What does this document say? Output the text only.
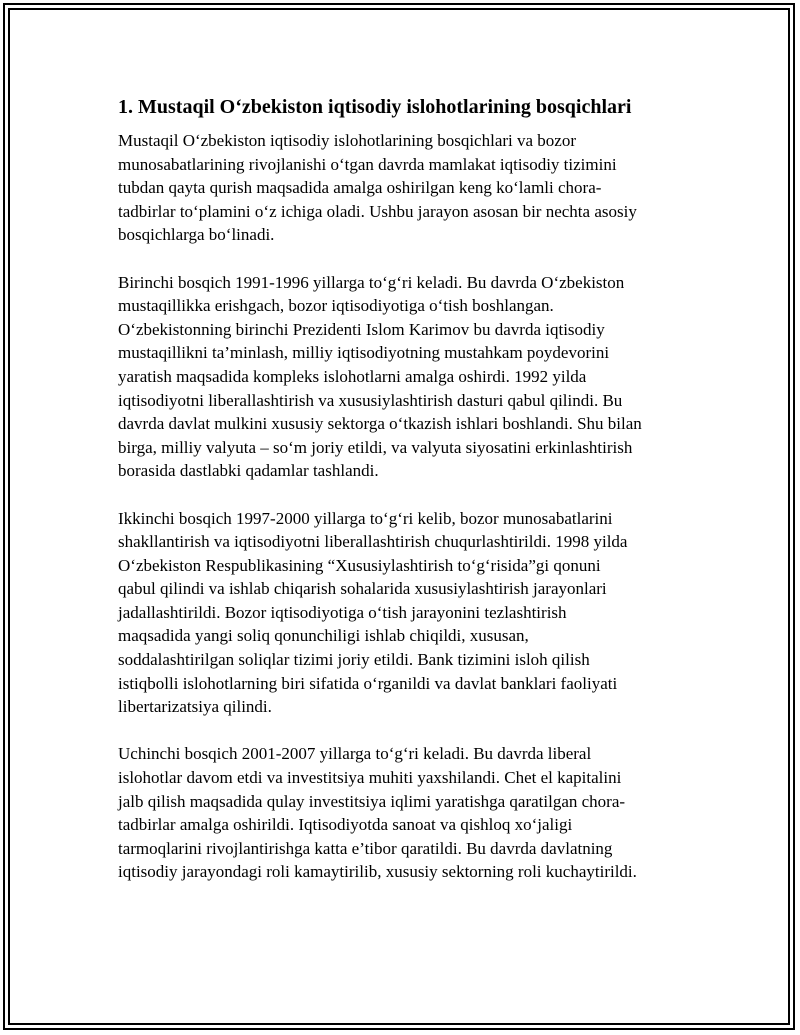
1. Mustaqil O‘zbekiston iqtisodiy islohotlarining bosqichlari

Mustaqil O‘zbekiston iqtisodiy islohotlarining bosqichlari va bozor
munosabatlarining rivojlanishi o‘tgan davrda mamlakat iqtisodiy tizimini
tubdan qayta qurish maqsadida amalga oshirilgan keng ko‘lamli chora-
tadbirlar to‘plamini o‘z ichiga oladi. Ushbu jarayon asosan bir nechta asosiy
bosqichlarga bo‘linadi.

Birinchi bosqich 1991-1996 yillarga to‘g‘ri keladi. Bu davrda O‘zbekiston
mustaqillikka erishgach, bozor iqtisodiyotiga o‘tish boshlangan.
O‘zbekistonning birinchi Prezidenti Islom Karimov bu davrda iqtisodiy
mustaqillikni ta’minlash, milliy iqtisodiyotning mustahkam poydevorini
yaratish maqsadida kompleks islohotlarni amalga oshirdi. 1992 yilda
iqtisodiyotni liberallashtirish va xususiylashtirish dasturi qabul qilindi. Bu
davrda davlat mulkini xususiy sektorga o‘tkazish ishlari boshlandi. Shu bilan
birga, milliy valyuta – so‘m joriy etildi, va valyuta siyosatini erkinlashtirish
borasida dastlabki qadamlar tashlandi.

Ikkinchi bosqich 1997-2000 yillarga to‘g‘ri kelib, bozor munosabatlarini
shakllantirish va iqtisodiyotni liberallashtirish chuqurlashtirildi. 1998 yilda
O‘zbekiston Respublikasining “Xususiylashtirish to‘g‘risida”gi qonuni
qabul qilindi va ishlab chiqarish sohalarida xususiylashtirish jarayonlari
jadallashtirildi. Bozor iqtisodiyotiga o‘tish jarayonini tezlashtirish
maqsadida yangi soliq qonunchiligi ishlab chiqildi, xususan,
soddalashtirilgan soliqlar tizimi joriy etildi. Bank tizimini isloh qilish
istiqbolli islohotlarning biri sifatida o‘rganildi va davlat banklari faoliyati
libertarizatsiya qilindi.

Uchinchi bosqich 2001-2007 yillarga to‘g‘ri keladi. Bu davrda liberal
islohotlar davom etdi va investitsiya muhiti yaxshilandi. Chet el kapitalini
jalb qilish maqsadida qulay investitsiya iqlimi yaratishga qaratilgan chora-
tadbirlar amalga oshirildi. Iqtisodiyotda sanoat va qishloq xo‘jaligi
tarmoqlarini rivojlantirishga katta e’tibor qaratildi. Bu davrda davlatning
iqtisodiy jarayondagi roli kamaytirilib, xususiy sektorning roli kuchaytirildi.
